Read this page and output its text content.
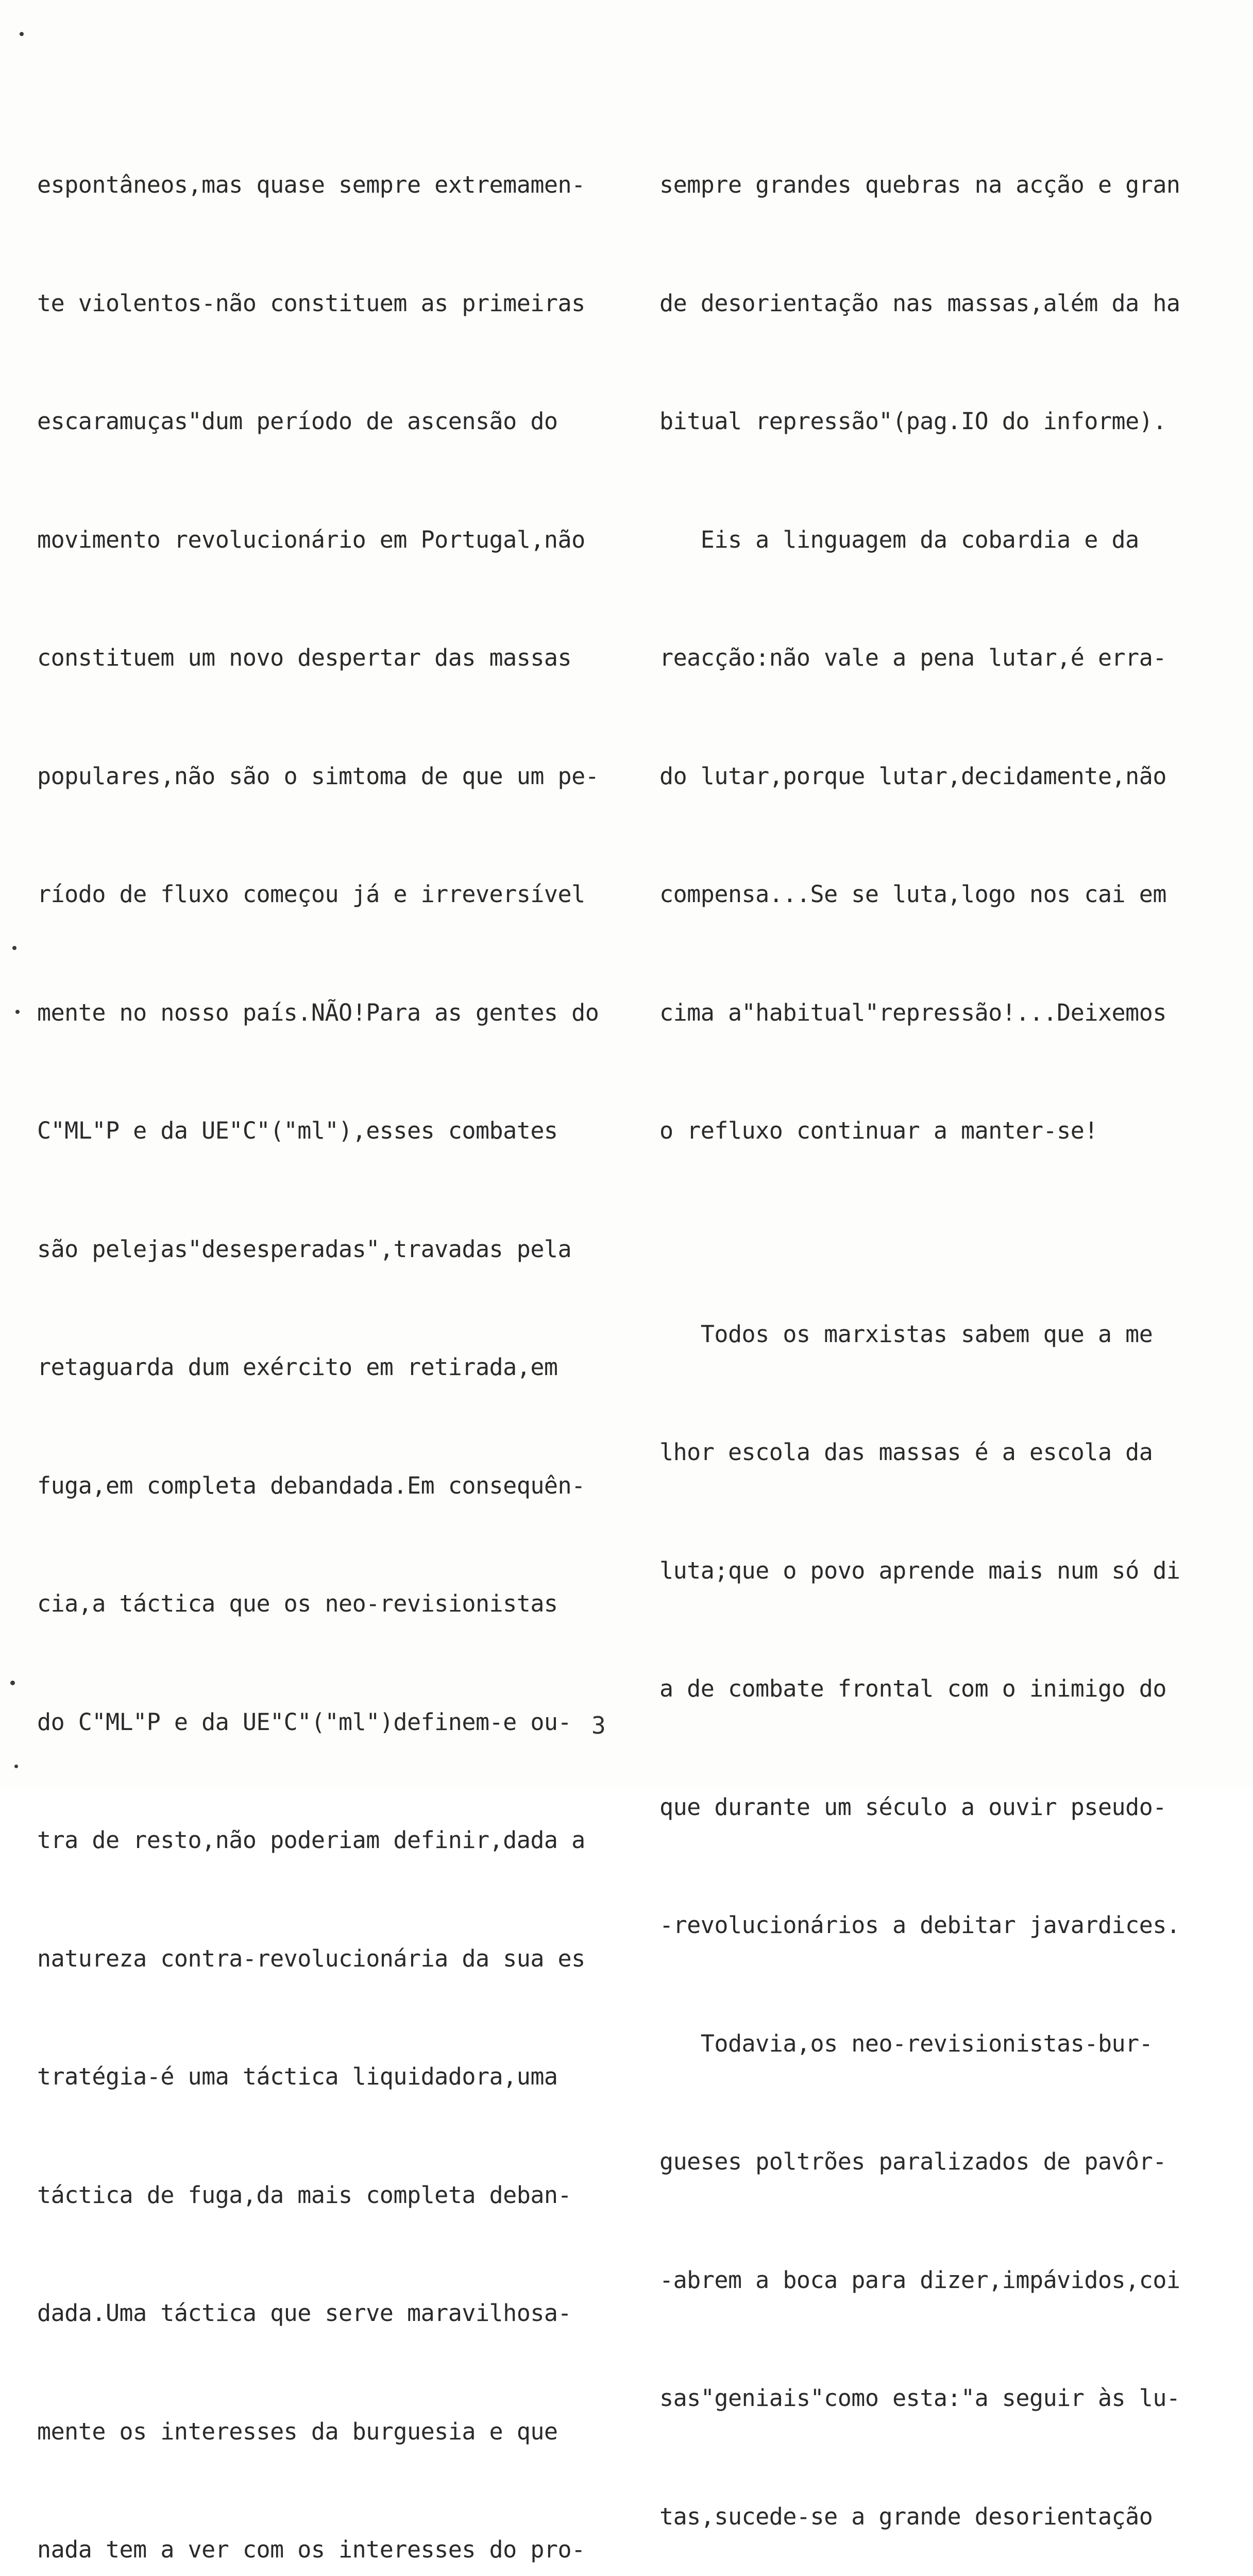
espontâneos,mas quase sempre extremamen-

te violentos-não constituem as primeiras

escaramuças"dum período de ascensão do

movimento revolucionário em Portugal,não

constituem um novo despertar das massas

populares,não são o simtoma de que um pe-

ríodo de fluxo começou já e irreversível

mente no nosso país.NÃO!Para as gentes do

C"ML"P e da UE"C"("ml"),esses combates

são pelejas"desesperadas",travadas pela

retaguarda dum exército em retirada,em

fuga,em completa debandada.Em consequên-

cia,a táctica que os neo-revisionistas

do C"ML"P e da UE"C"("ml")definem-e ou-

tra de resto,não poderiam definir,dada a

natureza contra-revolucionária da sua es

tratégia-é uma táctica liquidadora,uma

táctica de fuga,da mais completa deban-

dada.Uma táctica que serve maravilhosa-

mente os interesses da burguesia e que

nada tem a ver com os interesses do pro-

sempre grandes quebras na acção e gran

de desorientação nas massas,além da ha

bitual repressão"(pag.IO do informe).

Eis a linguagem da cobardia e da

reacção:não vale a pena lutar,é erra-

do lutar,porque lutar,decidamente,não

compensa...Se se luta,logo nos cai em

cima a"habitual"repressão!...Deixemos

o refluxo continuar a manter-se!

Todos os marxistas sabem que a me

lhor escola das massas é a escola da

luta;que o povo aprende mais num só di

a de combate frontal com o inimigo do

que durante um século a ouvir pseudo-

-revolucionários a debitar javardices.

Todavia,os neo-revisionistas-bur-

gueses poltrões paralizados de pavôr-

-abrem a boca para dizer,impávidos,coi

sas"geniais"como esta:"a seguir às lu-

tas,sucede-se a grande desorientação

3
